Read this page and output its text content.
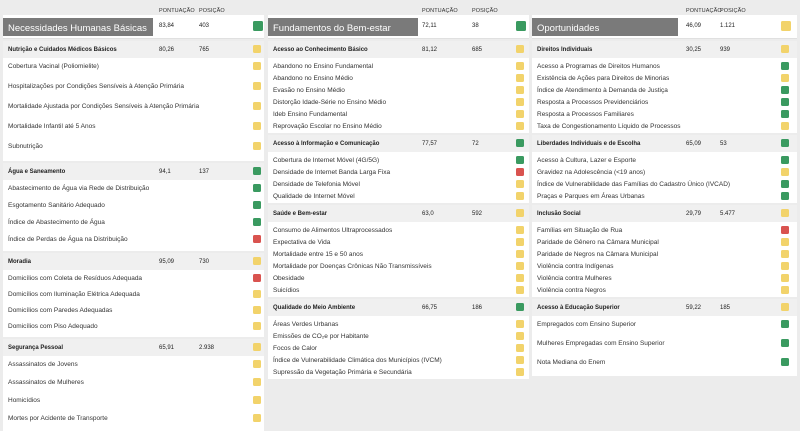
PONTUAÇÃO POSIÇÃO
Necessidades Humanas Básicas	83,84	403
Nutrição e Cuidados Médicos Básicos	80,26	765
Cobertura Vacinal (Poliomielite)
Hospitalizações por Condições Sensíveis à Atenção Primária
Mortalidade Ajustada por Condições Sensíveis à Atenção Primária
Mortalidade Infantil até 5 Anos
Subnutrição
Água e Saneamento	94,1	137
Abastecimento de Água via Rede de Distribuição
Esgotamento Sanitário Adequado
Índice de Abastecimento de Água
Índice de Perdas de Água na Distribuição
Moradia	95,09	730
Domicílios com Coleta de Resíduos Adequada
Domicílios com Iluminação Elétrica Adequada
Domicílios com Paredes Adequadas
Domicílios com Piso Adequado
Segurança Pessoal	65,91	2.938
Assassinatos de Jovens
Assassinatos de Mulheres
Homicídios
Mortes por Acidente de Transporte
PONTUAÇÃO	POSIÇÃO
Fundamentos do Bem-estar	72,11	38
Acesso ao Conhecimento Básico	81,12	685
Abandono no Ensino Fundamental
Abandono no Ensino Médio
Evasão no Ensino Médio
Distorção Idade-Série no Ensino Médio
Ideb Ensino Fundamental
Reprovação Escolar no Ensino Médio
Acesso à Informação e Comunicação	77,57	72
Cobertura de Internet Móvel (4G/5G)
Densidade de Internet Banda Larga Fixa
Densidade de Telefonia Móvel
Qualidade de Internet Móvel
Saúde e Bem-estar	63,0	592
Consumo de Alimentos Ultraprocessados
Expectativa de Vida
Mortalidade entre 15 e 50 anos
Mortalidade por Doenças Crônicas Não Transmissíveis
Obesidade
Suicídios
Qualidade do Meio Ambiente	66,75	186
Áreas Verdes Urbanas
Emissões de CO₂e por Habitante
Focos de Calor
Índice de Vulnerabilidade Climática dos Municípios (IVCM)
Supressão da Vegetação Primária e Secundária
PONTUAÇÃO
POSIÇÃO
Oportunidades	46,09	1.121
Direitos Individuais	30,25	939
Acesso a Programas de Direitos Humanos
Existência de Ações para Direitos de Minorias
Índice de Atendimento à Demanda de Justiça
Resposta a Processos Previdenciários
Resposta a Processos Familiares
Taxa de Congestionamento Líquido de Processos
Liberdades Individuais e de Escolha	65,09	53
Acesso à Cultura, Lazer e Esporte
Gravidez na Adolescência (<19 anos)
Índice de Vulnerabilidade das Famílias do Cadastro Único (IVCAD)
Praças e Parques em Áreas Urbanas
Inclusão Social	29,79	5.477
Famílias em Situação de Rua
Paridade de Gênero na Câmara Municipal
Paridade de Negros na Câmara Municipal
Violência contra Indígenas
Violência contra Mulheres
Violência contra Negros
Acesso à Educação Superior	59,22	185
Empregados com Ensino Superior
Mulheres Empregadas com Ensino Superior
Nota Mediana do Enem
